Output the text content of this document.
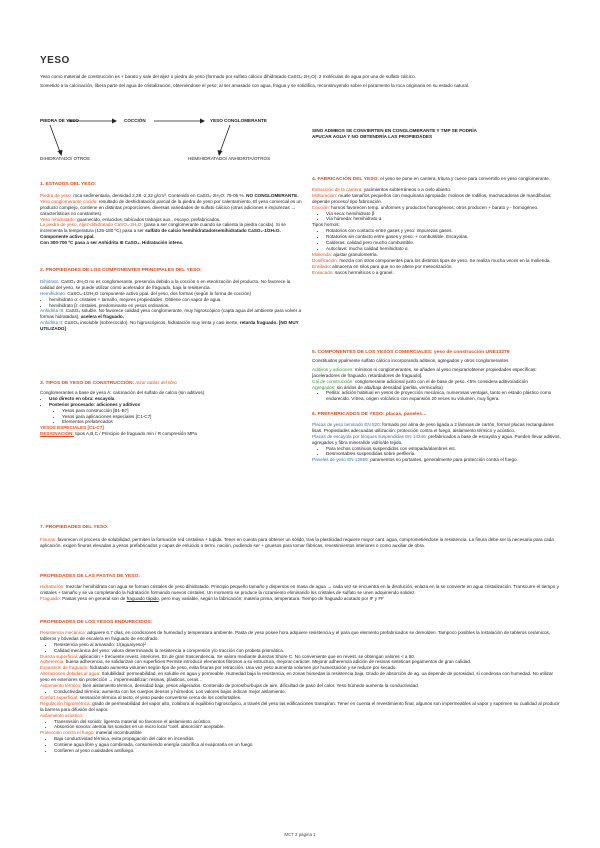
YESO

Yeso como material de construcción es + barato y sale del aljez o piedra de yeso (formado por sulfato cálcico dihidratado CaSO₄·2H₂O): 2 moléculas de agua por una de sulfato cálcico.

Sometido a la calcinación, libera parte del agua de cristalización, obteniéndose el yeso; al ser amasado con agua, fragua y se solidifica, reconstruyendo sobre el paramento la roca originaria en su estado natural.

PIEDRA DE YESO	COCCIÓN	YESO CONGLOMERANTE
DIHIDRATADO/ OTROS	HEMIHIDRATADO/ ANHIDRITA/OTROS
SINO ADMBOS SE CONVIERTEN EN CONGLOMERANTE Y TMP SE PODRÍA APUCAR AGUA Y NO OBTENDRÍA LAS PROPIEDADES

1. ESTADOS DEL YESO:

Piedra de yeso: roca sedimentaria, densidad 2,28 -2,32 g/cm³. Contenido en CaSO₄·2H₂O: 75-05 %. NO CONGLOMERANTE.

Yeso conglomerante cocido: resultado de deshidratación parcial de la piedra de yeso por calentamiento. El yeso comercial es un producto complejo, contiene en distintas proporciones, diversas variedades de sulfato cálcico (otras adiciones e impurezas → características no constantes).

Yeso rehidratado: guarnecido, enlucidos, tabicados trabajos aux., escayo, prefabricados.

La piedra de yeso, Aljez-dihidratado CaSO₄·2H₂O: (pasa a ser conglomerante cuando se calienta la piedra cocida). Si se incrementa la temperatura (125-180 ºC) pasa a ser sulfato de calcio hemihidratado/semihidratado CaSO₄·1/2H₂O. Componente activo ppal.

Con 300-700 ºC pasa a ser Anhidrita III CaSO₄. Hidratación intens.

2. PROPIEDADES DE LOS COMPONENTES PRINCIPALES DEL YESO:

Dihidrato: CaSO₄·2H₂O no es conglomerante, presencia debido a la cocción o en eteorización del producto. No favorece la calidad del yeso, se puede utilizar como acelerador de fraguado, baja la resistencia.

Hemihidrato: CaSO₄·1/2H₂O componente activo ppal. del yeso, dos formas (según la forma de cocción)

• hemihidrato α: cristales + tamaño, mejores propiedades. Obtiene con vapor de agua.
• hemihidrato β: cristales, predominante en yesos ordinarios.

Anhidrita III: CaSO₄ soluble. No favorece calidad yeso conglomerante, muy higroscópico (capta agua del ambiente para volver a formas hidratadas), acelera el fraguado.

Anhidrita II: CaSO₄ insoluble (sobrecocido). No higroscópicos, hidratación muy lenta y casi inerte, retarda fraguado. [NO MUY UTILIZADO]

3. TIPOS DE YESO DE CONSTRUCCIÓN: mirar tablas del libro

Conglomerantes a base de yeso A: calcinación del sulfato de calcio (sin aditivos)

• Uso directo en obra: escayola
• Posterior procesado: adiciones y aditivos
• Yesos para construcción [B1-B7]
• Yesos para aplicaciones especiales [C1-C7]
• Elementos prefabricados

YESOS ESPECIALES [C1-C7]

DESIGNACIÓN: tipos A,B,C / Principio de fraguado min / R compresión MPa

4. FABRICACIÓN DEL YESO: el yeso se pone en cantera, tritura y cuece para convertirlo en yeso conglomerante.

Extracción de la cantera: yacimientos subterráneos o a cielo abierto.

Molturación: muele tamaños pequeños con maquinaria apropiada: molinos de rodillos, machacadoras de mandíbulas; depende proceso/ tipo fabricación.

Cocción: hornos favorecen temp. uniformes y productos homogéneos; otros producen + barato y - homogéneo.

• Vía seca: hemihidrato β
• Vía húmeda: hemihidrato α.

Tipos hornos:

• Rotatorios con contacto entre gases y yeso: impurezas gases.
• Rotatorios sin contacto entre gases y yeso: + combustible. Escayolas.
• Calderas: calidad pero mucho combustible.
• Autoclave: mucha calidad hemihidrato α.

Molienda: ajustar granulometría.

Dosificación: mezcla con otros componentes para los distintos tipos de yeso. Se realiza mucha veces en la molienda.

Ensilado: almacena en silos para que no se altere por meteorización.

Ensacado: sacos herméticos o a granel.

5. COMPONENTES DE LOS YESOS COMERCIALES: yeso de construcción UNE13279

Constituidos ppalmente sulfato cálcico incorporando aditivos, agregados y otros conglomerantes

Aditivos y adiciones: mínimos ni conglomerantes, se añaden al yeso mejorar/obtener propiedades específicas: [aceleradores de fraguado, retardadores de fraguado].

Cal de construcción: conglomerante adicional junto con el de base de yeso. <5% considera aditivo/adición

Agregados: sin áridos de alta/baja densidad (perlita, vermiculita)

• Perlita: adición habitual en yesos de proyección mecánica, numerosas ventajas, tanto en estado plástico como endurecido. Vítrea, origen volcánico con expansión 20 veces su volumen, muy ligera.

6. PREFABRICADOS DE YESO: placas, paneles…

Placas de yeso laminado EN 520: formado por alma de yeso ligada a 2 láminas de cartón, formar placas rectangulares lisas. Propiedades adecuadas utilización: protección contra el fuego, aislamiento térmico y acústico.

Placas de escayola por bloques suspendidas EN 14246: prefabricados a base de escayola y agua. Pueden llevar aditivos, agregados y fibra mineral/de vidrio/de tejido.

• Para techos continuos suspendidos con estopada/alambres etc.
• Desmontables suspendidas sobre perfilería.

Paneles de yeso EN 12859: paramentos no portantes, generalmente para protección contra el fuego.

7. PROPIEDADES DEL YESO:

Fisuras: favorecen el proceso de solubilidad, permiten la formación red cristalina + tupida. Tener en cuenta para obtener un sólido, tras la plasticidad requiere mayor cant. agua, comprometiéndose la resistencia. La finura debe ser la necesaria para cada aplicación, exigen finuras elevadas a yesos prefabricados y capas de enlucido o termi. nación, pudiendo ser + gruesos para tomar fábricas, revestimientos interiores o como auxiliar de obra.

PROPIEDADES DE LAS PASTAS DE YESO:

Hidratación: mezclar hemihidrato con agua se forman cristales de yeso dihidratado. Principio pequeño tamaño y dispersos en masa de agua → cada vez se encuentra en la disolución, enlaza en la se convierte en agua cristalización. Transcurre el tiempo y cristales + tamaño y se va completando la hidratación formando nuevos cristales. Un momento se produce la rozamiento eliminando los cristales de sulfato se unen adquiriendo solidez.

Fraguado: Pastas yeso en general son de fraguado rápido, pero muy variable, según la fabricación; materia prima, temperatura. Tiempo de fraguado acotado por IF y FF

PROPIEDADES DE LOS YESOS ENDURECIDOS:

Resistencia mecánica: adquiere 6,7 días, en condiciones de humedad y temperatura ambiente. Pasta de yeso posee hora adquiere resistencia y el para que elemento prefabricados se demolden. Tampoco posibles la instalación de tableros cerámicos, tableros y bóvedas de escalera en fraguado de encofrado.

• Resistencia yeso al amasado: 1/(agua/yeso)²
• Calidad mecánica del yeso: valora determinando la resistencia a compresión y/o tracción con probeta prismática.

Dureza superficial: aplicación + frecuente revest. interiores. En de gran trascendencia. Se valora mediante durezas Shore C. No conveniente que en revest. se obtengan valores < a 50.

Adherencia: buena adherencia, se solidarizan con superficies Permite introducir elementos fibrosos a su estructura, mejorar carácter. Mejorar adherencia adición de resinas sintéticas pegamentos de gran calidad.

Expansión de fraguado: hidratado aumenta volumen según tipo de yeso, evita fisuras por retracción. Una vez yeso aumenta volumen por humectación y se reduce por secado.

Alteraciones debidas al agua: Solubilidad: permeabilidad, en soluble en agua y permeable. Humedad baja la resistencia, en zonas húmedas la resistencia baja. Grado de absorción de ag. ua depende de porosidad, sí condensa con humedad. No utilizar yeso en exteriores sin protección → impermeabilizar: resinas, plásticos, ceras...

Aislamiento térmico: bien aislamiento térmico, densidad baja, yesos aligerados. Contenido de poros/burbujas de aire, dificultad de paso del calor. Yeso húmedo aumenta la conductividad.

• Conductividad térmica: aumenta con los cuerpos densos y húmedos. Los valores bajos indican mejor aislamiento.

Confort superficial: sensación térmica al tacto, el yeso puede convertirse cerca de los confortables.

Regulación higrométrica: grado de permeabilidad del vapor alto, colabora al equilibrio higroscópico, a través del yeso las edificaciones transpiran. Tener en cuenta el revestimiento final, algunos son impermeables al vapor y suprimen su cualidad al producir la barrera para difusión del vapor.

Aislamiento acústico:

• Transmisión del sonido: ligereza material no favorece el aislamiento acústico.
• Absorción sonora: atenúa los sonidos en un micro local "coef. absorción" aceptable.

Protección contra el fuego: material incombustible

• Baja conductividad térmica, evita propagación del calor en incendios.
• Contiene agua libre y agua combinada, consumiendo energía calorífica al evaporarla en un fuego
• Confieren al yeso cualidades antifuego.
MCT 2 página 1
